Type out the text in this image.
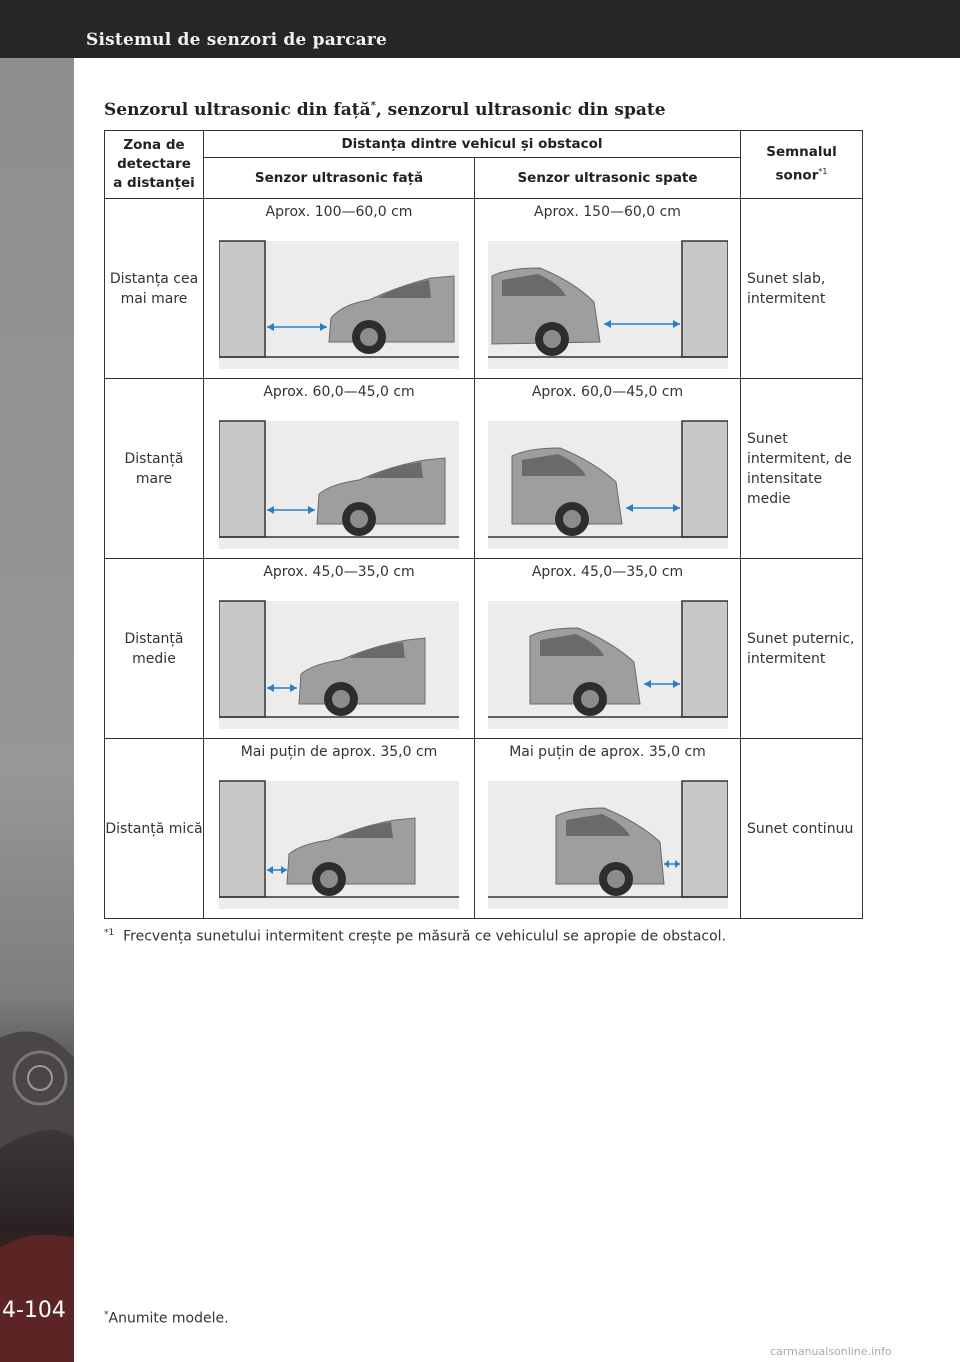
Sistemul de senzori de parcare
4-104
Senzorul ultrasonic din față*, senzorul ultrasonic din spate
Zona de detectare a distanței	Distanța dintre vehicul și obstacol		Semnalul sonor$^{*1}$
	Senzor ultrasonic față	Senzor ultrasonic spate	
Distanța cea mai mare	Aprox. 100—60,0 cm	Aprox. 150—60,0 cm	Sunet slab, intermitent
Distanță mare	Aprox. 60,0—45,0 cm	Aprox. 60,0—45,0 cm	Sunet intermitent, de intensitate medie
Distanță medie	Aprox. 45,0—35,0 cm	Aprox. 45,0—35,0 cm	Sunet puternic, intermitent
Distanță mică	Mai puțin de aprox. 35,0 cm	Mai puțin de aprox. 35,0 cm	Sunet continuu
$^{*1}$ Frecvența sunetului intermitent crește pe măsură ce vehiculul se apropie de obstacol.
*Anumite modele.
carmanualsonline.info
